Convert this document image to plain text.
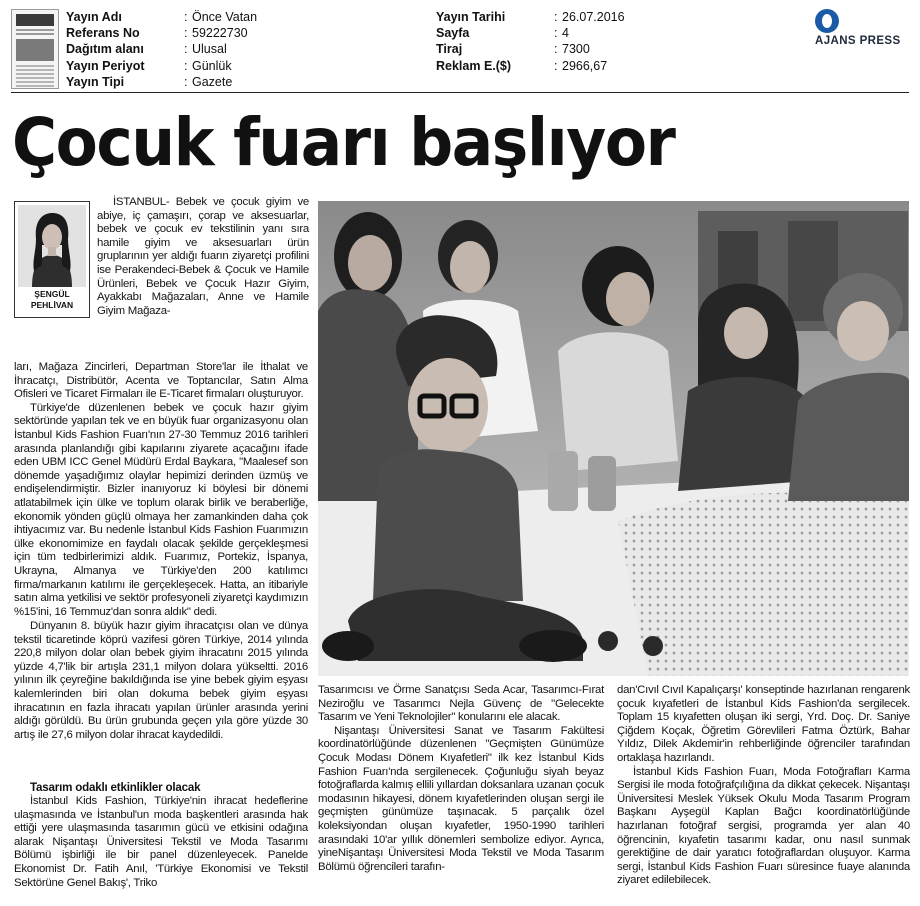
Yayın Adı	: Önce Vatan
Referans No	: 59222730
Dağıtım alanı	: Ulusal
Yayın Periyot	: Günlük
Yayın Tipi	: Gazete
Yayın Tarihi	: 26.07.2016
Sayfa	: 4
Tiraj	: 7300
Reklam E.($)	: 2966,67
AJANS PRESS
Çocuk fuarı başlıyor
ŞENGÜL
PEHLİVAN

İSTANBUL- Bebek ve çocuk giyim ve abiye, iç çamaşırı, çorap ve aksesuarlar, bebek ve çocuk ev tekstilinin yanı sıra hamile giyim ve aksesuarları ürün gruplarının yer aldığı fuarın ziyaretçi profilini ise Perakendeci-Bebek & Çocuk ve Hamile Ürünleri, Bebek ve Çocuk Hazır Giyim, Ayakkabı Mağazaları, Anne ve Hamile Giyim Mağaza-

ları, Mağaza Zincirleri, Departman Store'lar ile İthalat ve İhracatçı, Distribütör, Acenta ve Toptancılar, Satın Alma Ofisleri ve Ticaret Firmaları ile E-Ticaret firmaları oluşturuyor.

Türkiye'de düzenlenen bebek ve çocuk hazır giyim sektöründe yapılan tek ve en büyük fuar organizasyonu olan İstanbul Kids Fashion Fuarı'nın 27-30 Temmuz 2016 tarihleri arasında planlandığı gibi kapılarını ziyarete açacağını ifade eden UBM ICC Genel Müdürü Erdal Baykara, "Maalesef son dönemde yaşadığımız olaylar hepimizi derinden üzmüş ve endişelendirmiştir. Bizler inanıyoruz ki böylesi bir dönemi atlatabilmek için ülke ve toplum olarak birlik ve beraberliğe, ekonomik yönden güçlü olmaya her zamankinden daha çok ihtiyacımız var. Bu nedenle İstanbul Kids Fashion Fuarımızın ülke ekonomimize en faydalı olacak şekilde gerçekleşmesi için tüm tedbirlerimizi aldık. Fuarımız, Portekiz, İspanya, Ukrayna, Almanya ve Türkiye'den 200 katılımcı firma/markanın katılımı ile gerçekleşecek. Hatta, an itibariyle satın alma yetkilisi ve sektör profesyoneli ziyaretçi kaydımızın %15'ini, 16 Temmuz'dan sonra aldık" dedi.

Dünyanın 8. büyük hazır giyim ihracatçısı olan ve dünya tekstil ticaretinde köprü vazifesi gören Türkiye, 2014 yılında 220,8 milyon dolar olan bebek giyim ihracatını 2015 yılında yüzde 4,7'lik bir artışla 231,1 milyon dolara yükseltti. 2016 yılının ilk çeyreğine bakıldığında ise yine bebek giyim eşyası kalemlerinden biri olan dokuma bebek giyim eşyası ihracatının en fazla ihracatı yapılan ürünler arasında yerini aldığı görüldü. Bu ürün grubunda geçen yıla göre yüzde 30 artış ile 27,6 milyon dolar ihracat kaydedildi.

Tasarım odaklı etkinlikler olacak

İstanbul Kids Fashion, Türkiye'nin ihracat hedeflerine ulaşmasında ve İstanbul'un moda başkentleri arasında hak ettiği yere ulaşmasında tasarımın gücü ve etkisini odağına alarak Nişantaşı Üniversitesi Tekstil ve Moda Tasarımı Bölümü işbirliği ile bir panel düzenleyecek. Panelde Ekonomist Dr. Fatih Anıl, 'Türkiye Ekonomisi ve Tekstil Sektörüne Genel Bakış', Triko

Tasarımcısı ve Örme Sanatçısı Seda Acar, Tasarımcı-Fırat Neziroğlu ve Tasarımcı Nejla Güvenç de "Gelecekte Tasarım ve Yeni Teknolojiler" konularını ele alacak.

Nişantaşı Üniversitesi Sanat ve Tasarım Fakültesi koordinatörlüğünde düzenlenen "Geçmişten Günümüze Çocuk Modası Dönem Kıyafetleri" ilk kez İstanbul Kids Fashion Fuarı'nda sergilenecek. Çoğunluğu siyah beyaz fotoğraflarda kalmış ellili yıllardan doksanlara uzanan çocuk modasının hikayesi, dönem kıyafetlerinden oluşan sergi ile geçmişten günümüze taşınacak. 5 parçalık özel koleksiyondan oluşan kıyafetler, 1950-1990 tarihleri arasındaki 10'ar yıllık dönemleri sembolize ediyor. Ayrıca, yineNişantaşı Üniversitesi Moda Tekstil ve Moda Tasarım Bölümü öğrencileri tarafın-

dan'Cıvıl Cıvıl Kapalıçarşı' konseptinde hazırlanan rengarenk çocuk kıyafetleri de İstanbul Kids Fashion'da sergilecek. Toplam 15 kıyafetten oluşan iki sergi, Yrd. Doç. Dr. Saniye Çiğdem Koçak, Öğretim Görevlileri Fatma Öztürk, Bahar Yıldız, Dilek Akdemir'in rehberliğinde öğrenciler tarafından ortaklaşa hazırlandı.

İstanbul Kids Fashion Fuarı, Moda Fotoğrafları Karma Sergisi ile moda fotoğrafçılığına da dikkat çekecek. Nişantaşı Üniversitesi Meslek Yüksek Okulu Moda Tasarım Program Başkanı Ayşegül Kaplan Bağcı koordinatörlüğünde hazırlanan fotoğraf sergisi, programda yer alan 40 öğrencinin, kıyafetin tasarımı kadar, onu nasıl sunmak gerektiğine de dair yaratıcı fotoğraflardan oluşuyor. Karma sergi, İstanbul Kids Fashion Fuarı süresince fuaye alanında ziyaret edilebilecek.
